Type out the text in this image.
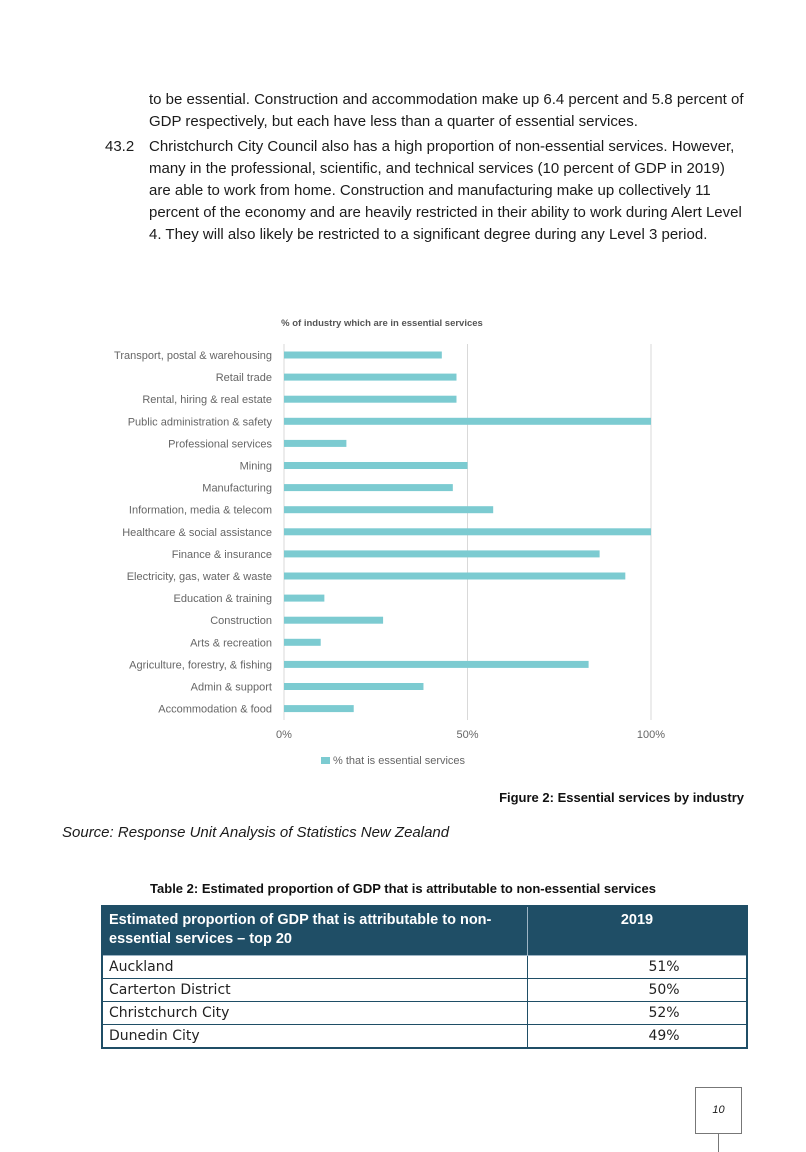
to be essential. Construction and accommodation make up 6.4 percent and 5.8 percent of GDP respectively, but each have less than a quarter of essential services.

43.2 Christchurch City Council also has a high proportion of non-essential services. However, many in the professional, scientific, and technical services (10 percent of GDP in 2019) are able to work from home. Construction and manufacturing make up collectively 11 percent of the economy and are heavily restricted in their ability to work during Alert Level 4. They will also likely be restricted to a significant degree during any Level 3 period.

% of industry which are in essential services
Transport, postal & warehousing
Retail trade
Rental, hiring & real estate
Public administration & safety
Professional services
Mining
Manufacturing
Information, media & telecom
Healthcare & social assistance
Finance & insurance
Electricity, gas, water & waste
Education & training
Construction
Arts & recreation
Agriculture, forestry, & fishing
Admin & support
Accommodation & food
0%	50%	100%
% that is essential services
Figure 2: Essential services by industry
Source: Response Unit Analysis of Statistics New Zealand
Table 2: Estimated proportion of GDP that is attributable to non-essential services
Estimated proportion of GDP that is attributable to non-essential services – top 20	2019
Auckland	51%
Carterton District	50%
Christchurch City	52%
Dunedin City	49%
10
